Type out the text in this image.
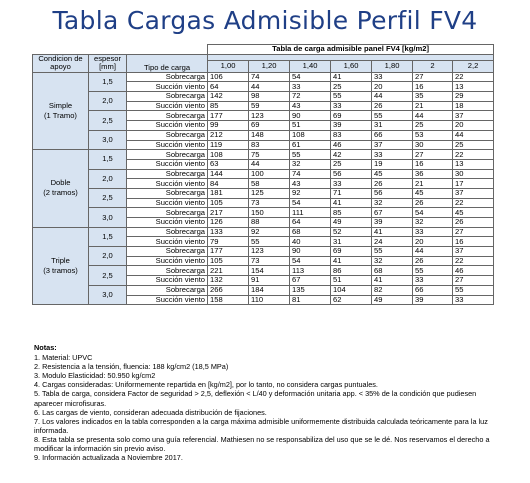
Tabla Cargas Admisible Perfil FV4
			Tabla de carga admisible panel FV4 [kg/m2]						
Condicion de apoyo	espesor [mm]	Tipo de carga							
			1,00	1,20	1,40	1,60	1,80	2	2,2
Simple
(1 Tramo)	1,5	Sobrecarga	106	74	54	41	33	27	22
		Succión viento	64	44	33	25	20	16	13
	2,0	Sobrecarga	142	98	72	55	44	35	29
		Succión viento	85	59	43	33	26	21	18
	2,5	Sobrecarga	177	123	90	69	55	44	37
		Succión viento	99	69	51	39	31	25	20
	3,0	Sobrecarga	212	148	108	83	66	53	44
		Succión viento	119	83	61	46	37	30	25
Doble
(2 tramos)	1,5	Sobrecarga	108	75	55	42	33	27	22
		Succión viento	63	44	32	25	19	16	13
	2,0	Sobrecarga	144	100	74	56	45	36	30
		Succión viento	84	58	43	33	26	21	17
	2,5	Sobrecarga	181	125	92	71	56	45	37
		Succión viento	105	73	54	41	32	26	22
	3,0	Sobrecarga	217	150	111	85	67	54	45
		Succión viento	126	88	64	49	39	32	26
Triple
(3 tramos)	1,5	Sobrecarga	133	92	68	52	41	33	27
		Succión viento	79	55	40	31	24	20	16
	2,0	Sobrecarga	177	123	90	69	55	44	37
		Succión viento	105	73	54	41	32	26	22
	2,5	Sobrecarga	221	154	113	86	68	55	46
		Succión viento	132	91	67	51	41	33	27
	3,0	Sobrecarga	266	184	135	104	82	66	55
		Succión viento	158	110	81	62	49	39	33
Notas:
1. Material: UPVC
2. Resistencia a la tensión, fluencia: 188 kg/cm2 (18,5 MPa)
3. Modulo Elasticidad: 50.950 kg/cm2
4. Cargas consideradas: Uniformemente repartida en [kg/m2], por lo tanto, no considera cargas puntuales.
5. Tabla de carga, considera Factor de seguridad > 2,5, deflexión < L/40 y deformación unitaria app. < 35% de la condición que pudiesen aparecer microfisuras.
6. Las cargas de viento, consideran adecuada distribución de fijaciones.
7. Los valores indicados en la tabla corresponden a la carga máxima admisible uniformemente distribuida calculada teóricamente para la luz informada.
8. Esta tabla se presenta solo como una guía referencial. Mathiesen no se responsabiliza del uso que se le dé. Nos reservamos el derecho a modificar la información sin previo aviso.
9. Información actualizada a Noviembre 2017.
